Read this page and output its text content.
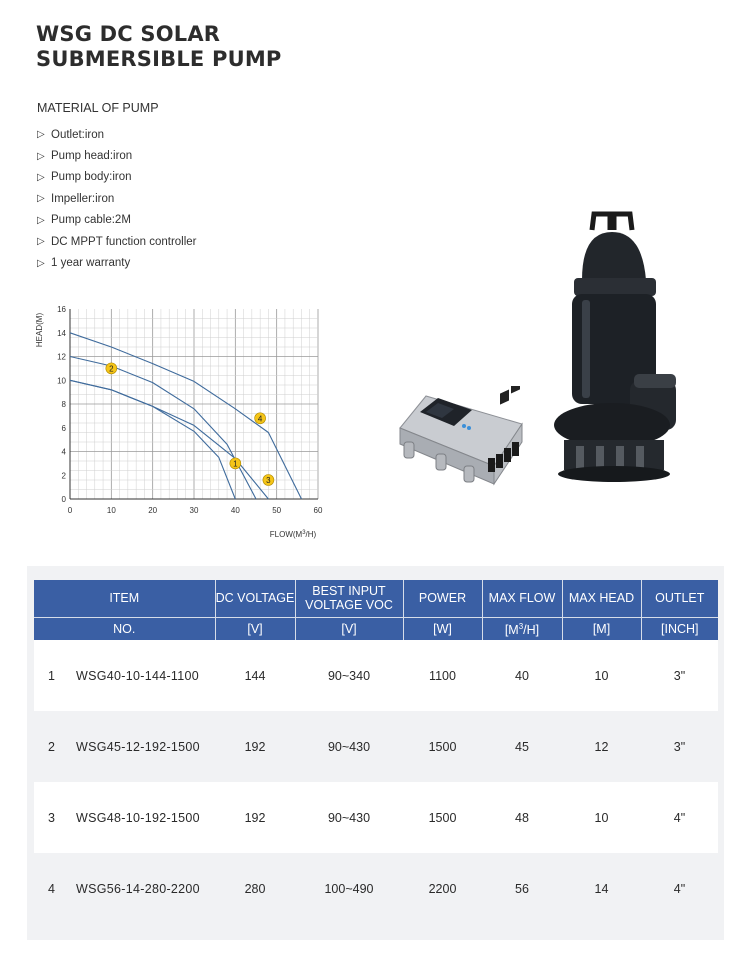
WSG DC SOLAR
SUBMERSIBLE PUMP
MATERIAL OF PUMP
▷ Outlet:iron
▷ Pump head:iron
▷ Pump body:iron
▷ Impeller:iron
▷ Pump cable:2M
▷ DC MPPT function controller
▷ 1 year warranty
0	10	20	30	40	50	60
0
2
4
6
8
10
12
14
16
1
2
3
4
HEAD(M)
$FLOW(M^3/H)$
ITEM	DC VOLTAGE	BEST INPUT VOLTAGE VOC	POWER	MAX FLOW	MAX HEAD	OUTLET
NO.	[V]	[V]	[W]	$[M^3/H]$	[M]	[INCH]

1 WSG40-10-144-1100	144	90~340	1100	40	10	3"

2 WSG45-12-192-1500	192	90~430	1500	45	12	3"

3 WSG48-10-192-1500	192	90~430	1500	48	10	4"

4 WSG56-14-280-2200	280	100~490	2200	56	14	4"
